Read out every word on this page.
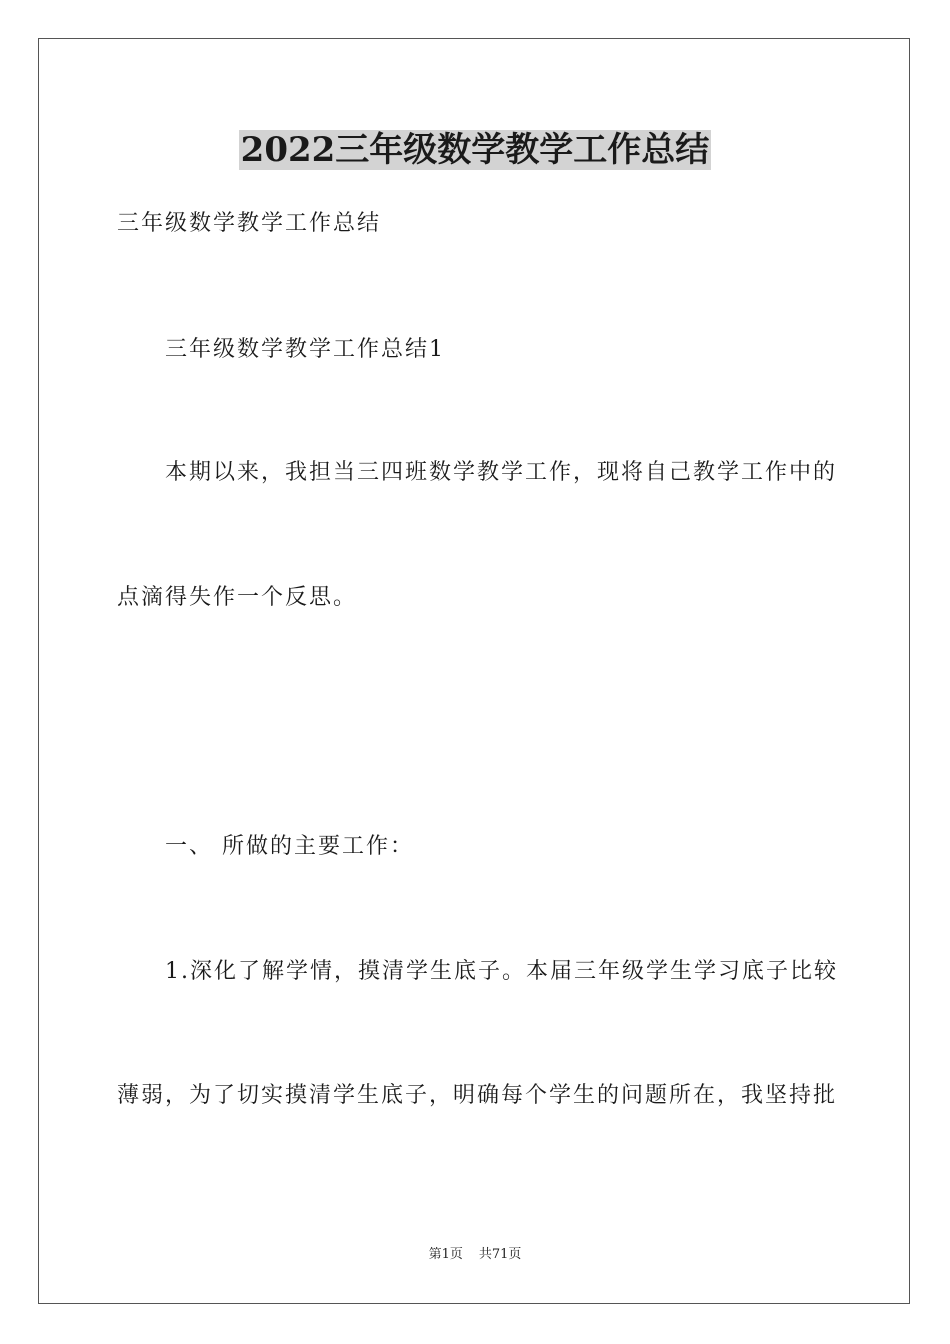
2022三年级数学教学工作总结

三年级数学教学工作总结

三年级数学教学工作总结1

本期以来，我担当三四班数学教学工作，现将自己教学工作中的

点滴得失作一个反思。

一、 所做的主要工作：

1.深化了解学情，摸清学生底子。本届三年级学生学习底子比较

薄弱，为了切实摸清学生底子，明确每个学生的问题所在，我坚持批

第1页 共71页
